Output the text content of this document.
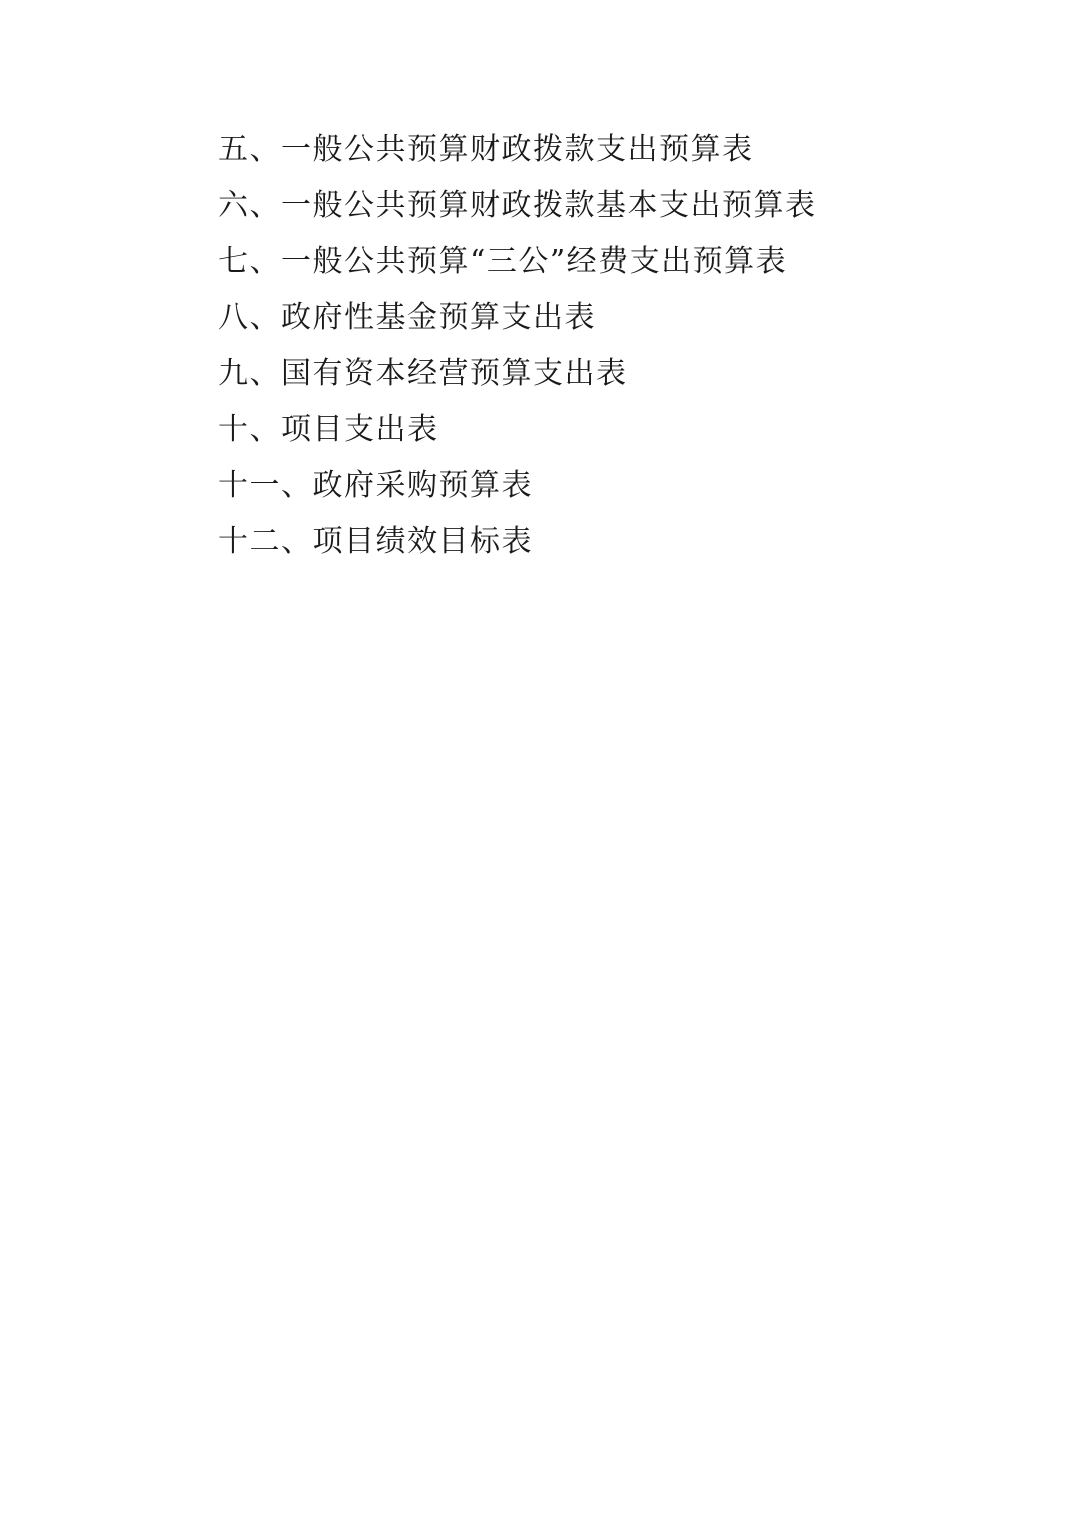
五、一般公共预算财政拨款支出预算表
六、一般公共预算财政拨款基本支出预算表
七、一般公共预算“三公”经费支出预算表
八、政府性基金预算支出表
九、国有资本经营预算支出表
十、项目支出表
十一、政府采购预算表
十二、项目绩效目标表
